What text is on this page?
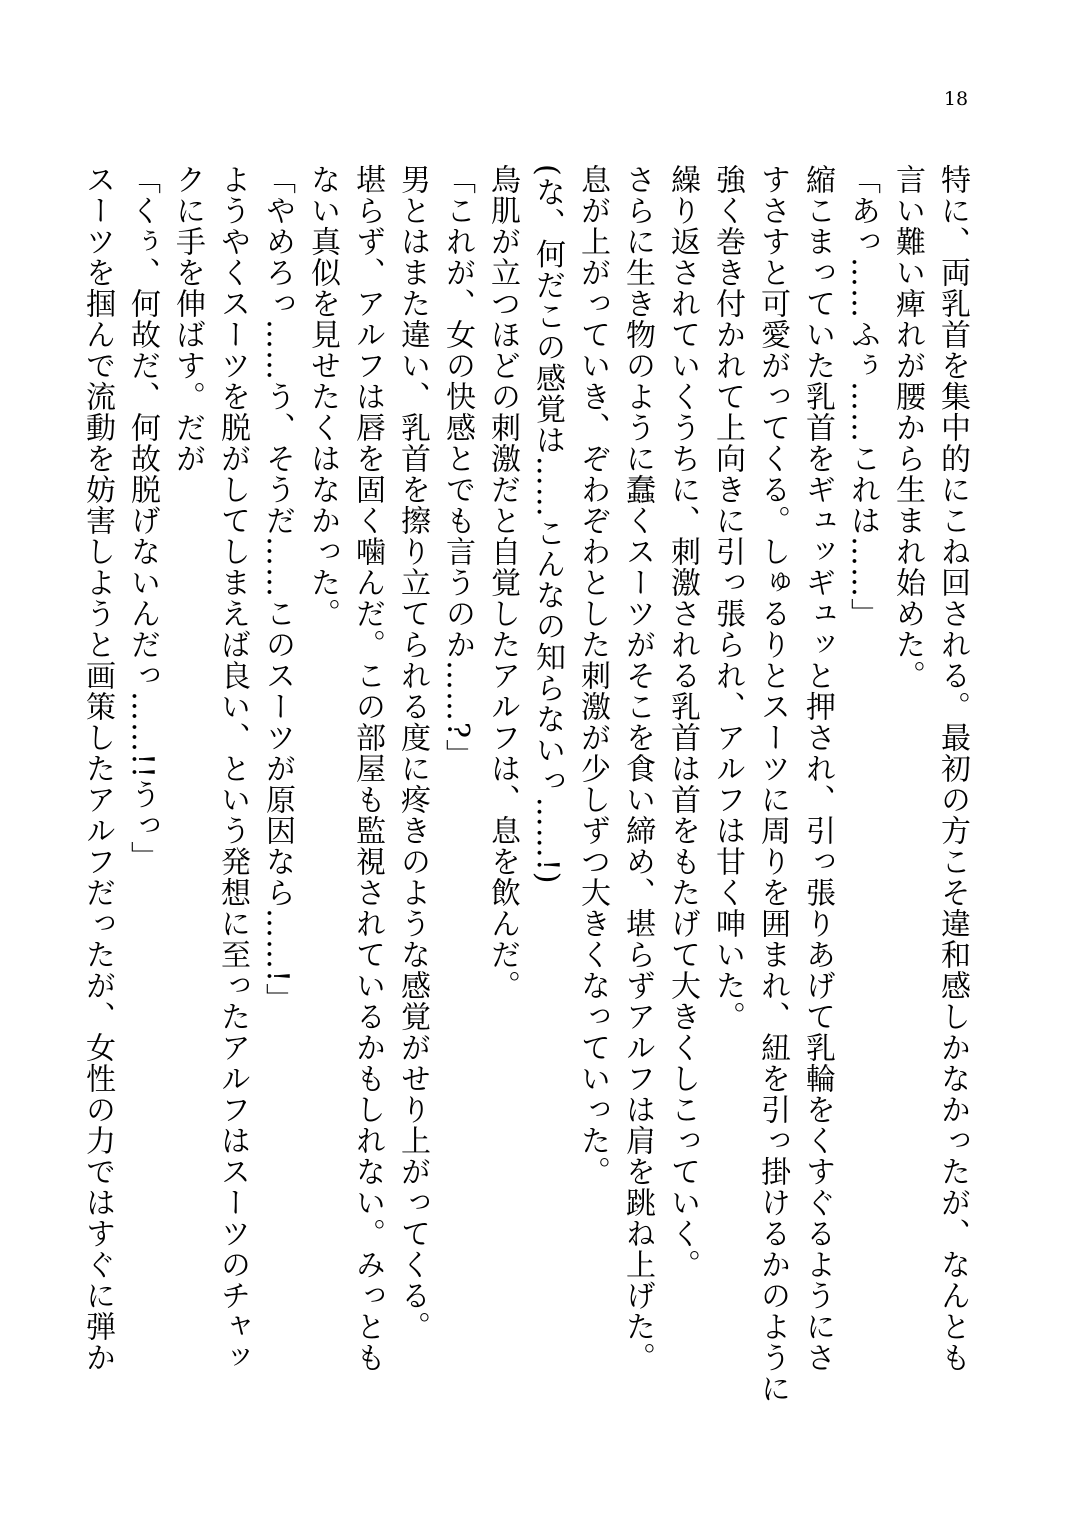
18
特に、両乳首を集中的にこね回される。最初の方こそ違和感しかなかったが、なんとも
言い難い痺れが腰から生まれ始めた。
「あっ……ふぅ……これは……」
縮こまっていた乳首をギュッギュッと押され、引っ張りあげて乳輪をくすぐるようにさ
すさすと可愛がってくる。しゅるりとスーツに周りを囲まれ、紐を引っ掛けるかのように
強く巻き付かれて上向きに引っ張られ、アルフは甘く呻いた。
繰り返されていくうちに、刺激される乳首は首をもたげて大きくしこっていく。
さらに生き物のように蠢くスーツがそこを食い締め、堪らずアルフは肩を跳ね上げた。
息が上がっていき、ぞわぞわとした刺激が少しずつ大きくなっていった。
(な、何だこの感覚は……こんなの知らないっ……!)
鳥肌が立つほどの刺激だと自覚したアルフは、息を飲んだ。
「これが、女の快感とでも言うのか……?」
男とはまた違い、乳首を擦り立てられる度に疼きのような感覚がせり上がってくる。
堪らず、アルフは唇を固く噛んだ。この部屋も監視されているかもしれない。みっとも
ない真似を見せたくはなかった。
「やめろっ……う、そうだ……このスーツが原因なら……!」
ようやくスーツを脱がしてしまえば良い、という発想に至ったアルフはスーツのチャッ
クに手を伸ばす。だが
「くぅ、何故だ、何故脱げないんだっ……!!うっ」
スーツを掴んで流動を妨害しようと画策したアルフだったが、女性の力ではすぐに弾か
